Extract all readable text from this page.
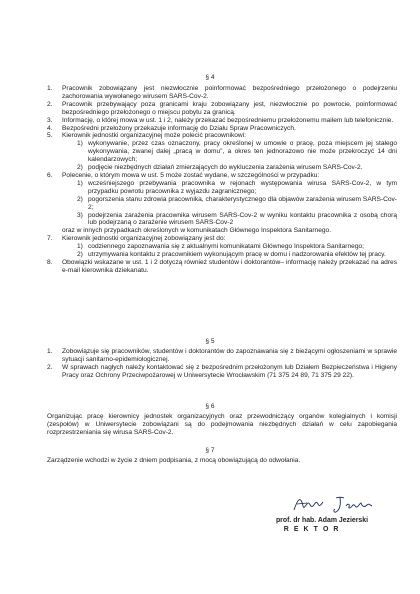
§ 4
1. Pracownik zobowiązany jest niezwłocznie poinformować bezpośredniego przełożonego o podejrzeniu zachorowania wywołanego wirusem SARS-Cov-2.
2. Pracownik przebywający poza granicami kraju zobowiązany jest, niezwłocznie po powrocie, poinformować bezpośredniego przełożonego o miejscu pobytu za granicą.
3. Informację, o której mowa w ust. 1 i 2, należy przekazać bezpośredniemu przełożonemu mailem lub telefonicznie.
4. Bezpośredni przełożony przekazuje informację do Działu Spraw Pracowniczych.
5. Kierownik jednostki organizacyjnej może polecić pracownikowi:
1) wykonywanie, przez czas oznaczony, pracy określonej w umowie o pracę, poza miejscem jej stałego wykonywania, zwanej dalej „pracą w domu”, a okres ten jednorazowo nie może przekroczyć 14 dni kalendarzowych;
2) podjęcie niezbędnych działań zmierzających do wykluczenia zarażenia wirusem SARS-Cov-2.
6. Polecenie, o którym mowa w ust. 5 może zostać wydane, w szczególności w przypadku:
1) wcześniejszego przebywania pracownika w rejonach występowania wirusa SARS-Cov-2, w tym przypadku powrotu pracownika z wyjazdu zagranicznego;
2) pogorszenia stanu zdrowia pracownika, charakterystycznego dla objawów zarażenia wirusem SARS-Cov-2;
3) podejrzenia zarażenia pracownika wirusem SARS-Cov-2 w wyniku kontaktu pracownika z osobą chorą lub podejrzaną o zarażenie wirusem SARS-Cov-2
oraz w innych przypadkach określonych w komunikatach Głównego Inspektora Sanitarnego.
7. Kierownik jednostki organizacyjnej zobowiązany jest do:
1) codziennego zapoznawania się z aktualnymi komunikatami Głównego Inspektora Sanitarnego;
2) utrzymywania kontaktu z pracownikiem wykonującym pracę w domu i nadzorowania efektów tej pracy.
8. Obowiązki wskazane w ust. 1 i 2 dotyczą również studentów i doktorantów– informację należy przekazać na adres e-mail kierownika dziekanatu.
§ 5
1. Zobowiązuje się pracowników, studentów i doktorantów do zapoznawania się z bieżącymi ogłoszeniami w sprawie sytuacji sanitarno-epidemiologicznej.
2. W sprawach nagłych należy kontaktować się z bezpośrednim przełożonym lub Działem Bezpieczeństwa i Higieny Pracy oraz Ochrony Przeciwpożarowej w Uniwersytecie Wrocławskim (71 375 24 89, 71 375 29 22).
§ 6
Organizując pracę kierownicy jednostek organizacyjnych oraz przewodniczący organów kolegialnych i komisji (zespołów) w Uniwersytecie zobowiązani są do podejmowania niezbędnych działań w celu zapobiegania rozprzestrzeniania się wirusa SARS-Cov-2.
§ 7
Zarządzenie wchodzi w życie z dniem podpisania, z mocą obowiązującą do odwołania.
prof. dr hab. Adam Jezierski
R E K T O R
